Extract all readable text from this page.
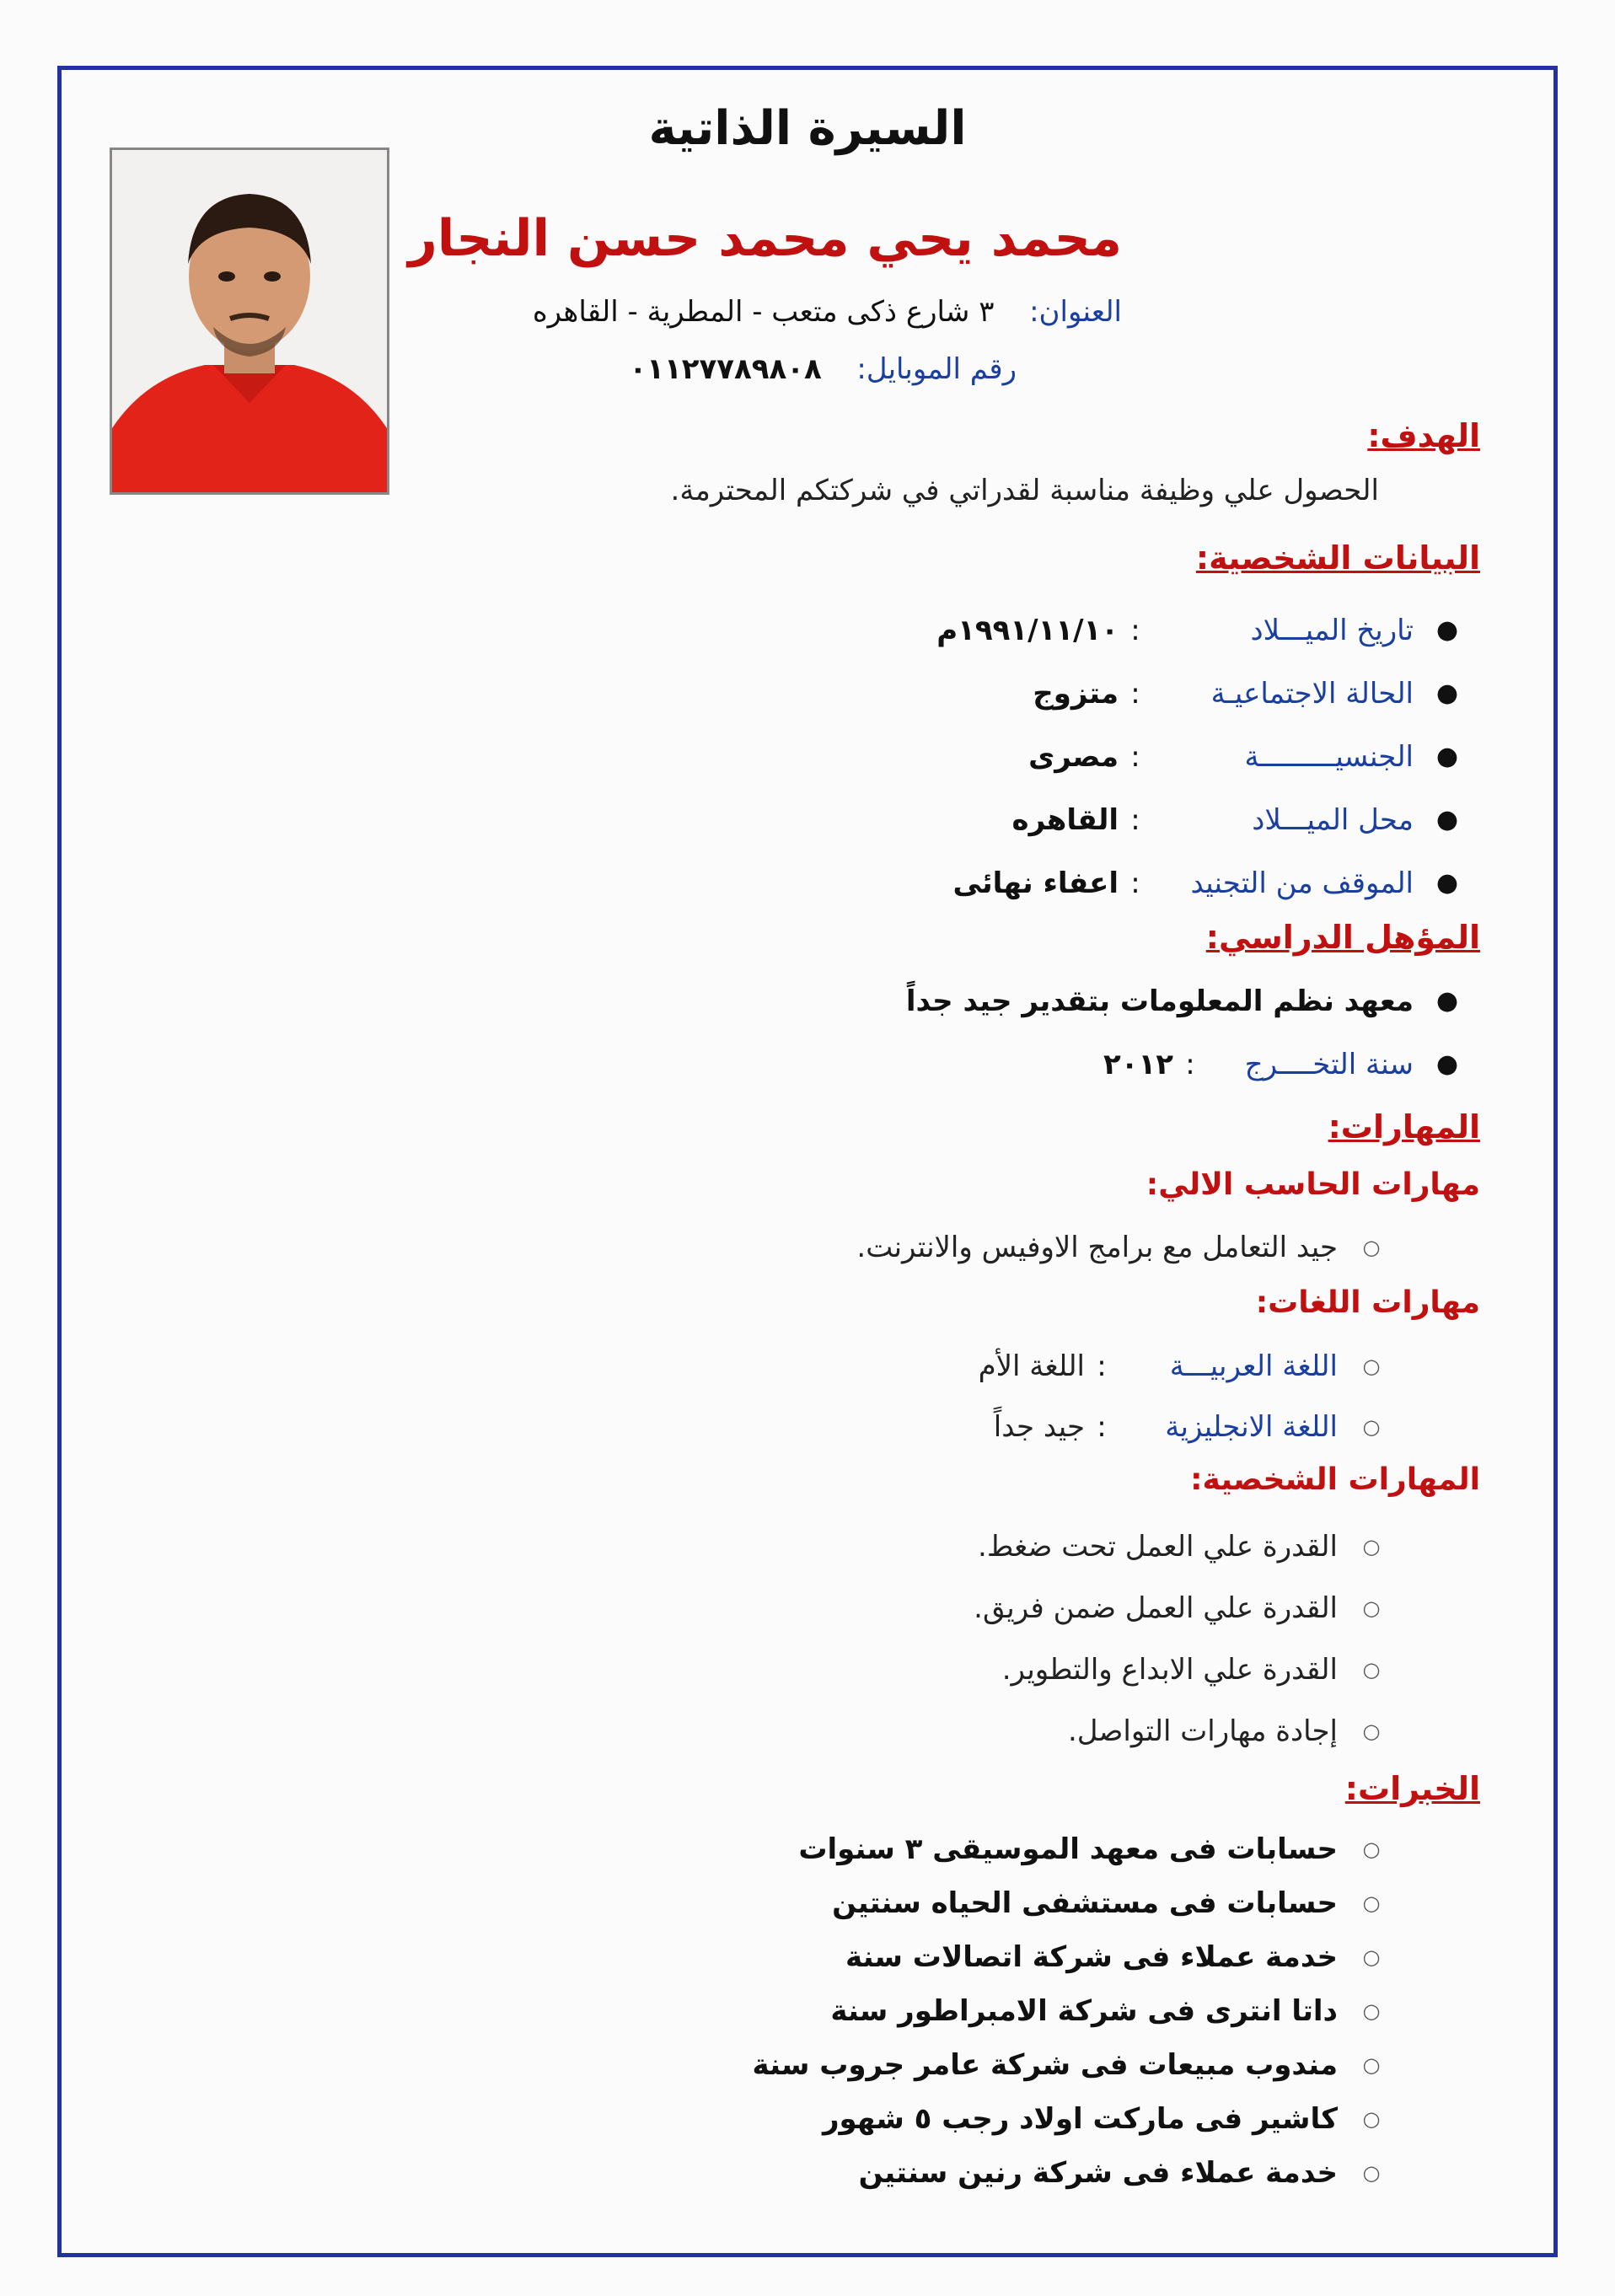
السيرة الذاتية
محمد يحي محمد حسن النجار
العنوان:  ٣ شارع ذكى متعب - المطرية - القاهره
رقم الموبايل:  ٠١١٢٧٧٨٩٨٠٨
الهدف:
الحصول علي وظيفة مناسبة لقدراتي في شركتكم المحترمة.
البيانات الشخصية:
●
تاريخ الميـــلاد
:
١٩٩١/١١/١٠م
●
الحالة الاجتماعيـة
:
متزوج
●
الجنسيـــــــــة
:
مصرى
●
محل الميـــلاد
:
القاهره
●
الموقف من التجنيد
:
اعفاء نهائى
المؤهل الدراسي:
●
معهد نظم المعلومات بتقدير جيد جداً
●
سنة التخــــرج
:
٢٠١٢
المهارات:
مهارات الحاسب الالي:
○
جيد التعامل مع برامج الاوفيس والانترنت.
مهارات اللغات:
○
اللغة العربيـــة
:
اللغة الأم
○
اللغة الانجليزية
:
جيد جداً
المهارات الشخصية:
○
القدرة علي العمل تحت ضغط.
○
القدرة علي العمل ضمن فريق.
○
القدرة علي الابداع والتطوير.
○
إجادة مهارات التواصل.
الخبرات:
○
حسابات فى معهد الموسيقى ٣ سنوات
○
حسابات فى مستشفى الحياه سنتين
○
خدمة عملاء فى شركة اتصالات سنة
○
داتا انترى فى شركة الامبراطور سنة
○
مندوب مبيعات فى شركة عامر جروب سنة
○
كاشير فى ماركت اولاد رجب ٥ شهور
○
خدمة عملاء فى شركة رنين سنتين
